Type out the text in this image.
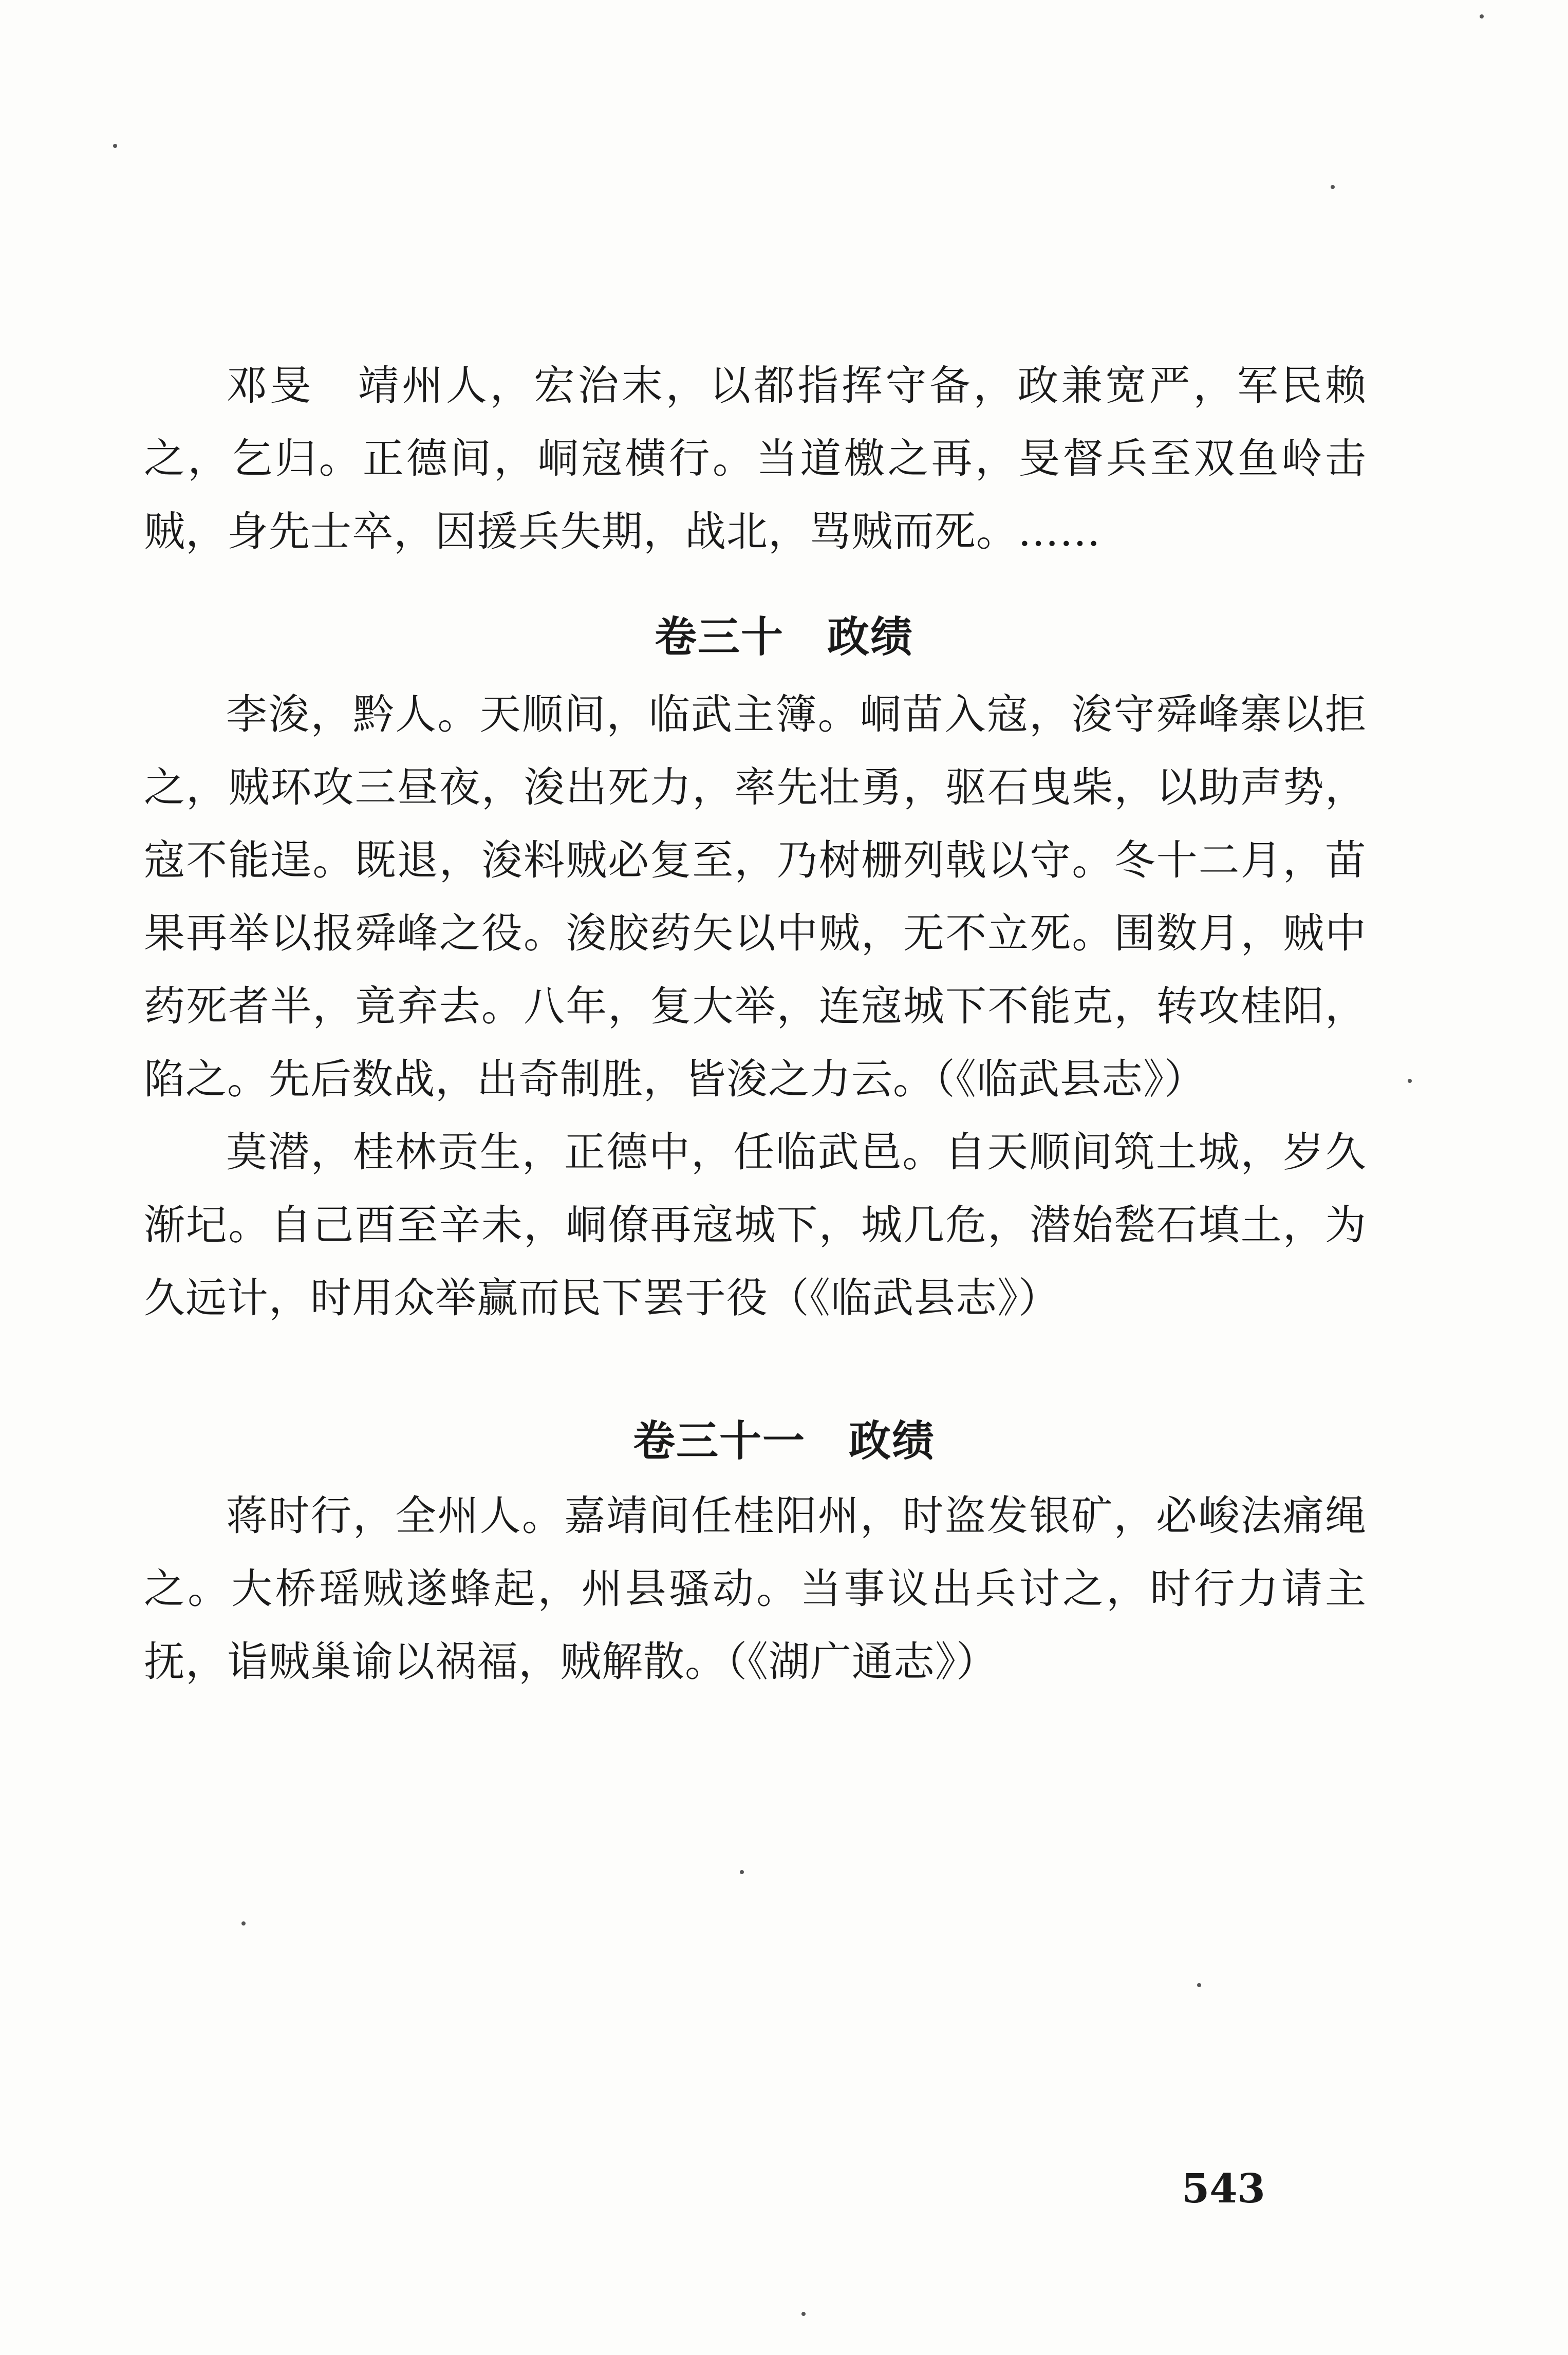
邓旻　靖州人，宏治末，以都指挥守备，政兼宽严，军民赖之，乞归。正德间，峒寇横行。当道檄之再，旻督兵至双鱼岭击贼，身先士卒，因援兵失期，战北，骂贼而死。……

卷三十　政绩

李浚，黔人。天顺间，临武主簿。峒苗入寇，浚守舜峰寨以拒之，贼环攻三昼夜，浚出死力，率先壮勇，驱石曳柴，以助声势，寇不能逞。既退，浚料贼必复至，乃树栅列戟以守。冬十二月，苗果再举以报舜峰之役。浚胶药矢以中贼，无不立死。围数月，贼中药死者半，竟弃去。八年，复大举，连寇城下不能克，转攻桂阳，陷之。先后数战，出奇制胜，皆浚之力云。（《临武县志》）

莫潜，桂林贡生，正德中，任临武邑。自天顺间筑土城，岁久渐圮。自己酉至辛未，峒僚再寇城下，城几危，潜始甃石填土，为久远计，时用众举赢而民下罢于役（《临武县志》）

卷三十一　政绩

蒋时行，全州人。嘉靖间任桂阳州，时盗发银矿，必峻法痛绳之。大桥瑶贼遂蜂起，州县骚动。当事议出兵讨之，时行力请主抚，诣贼巢谕以祸福，贼解散。（《湖广通志》）

543
